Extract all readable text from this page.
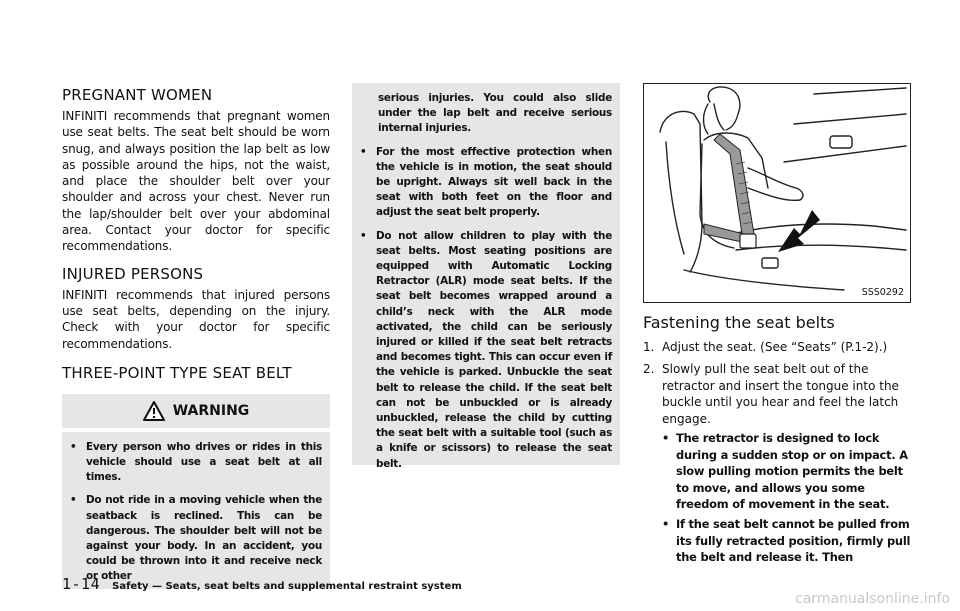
PREGNANT WOMEN

INFINITI recommends that pregnant women use seat belts. The seat belt should be worn snug, and always position the lap belt as low as possible around the hips, not the waist, and place the shoulder belt over your shoulder and across your chest. Never run the lap/shoulder belt over your abdominal area. Contact your doctor for specific recommendations.

INJURED PERSONS

INFINITI recommends that injured persons use seat belts, depending on the injury. Check with your doctor for specific recommendations.

THREE-POINT TYPE SEAT BELT
WARNING
• Every person who drives or rides in this vehicle should use a seat belt at all times.
• Do not ride in a moving vehicle when the seatback is reclined. This can be dangerous. The shoulder belt will not be against your body. In an accident, you could be thrown into it and receive neck or other
serious injuries. You could also slide under the lap belt and receive serious internal injuries.
• For the most effective protection when the vehicle is in motion, the seat should be upright. Always sit well back in the seat with both feet on the floor and adjust the seat belt properly.
• Do not allow children to play with the seat belts. Most seating positions are equipped with Automatic Locking Retractor (ALR) mode seat belts. If the seat belt becomes wrapped around a child’s neck with the ALR mode activated, the child can be seriously injured or killed if the seat belt retracts and becomes tight. This can occur even if the vehicle is parked. Unbuckle the seat belt to release the child. If the seat belt can not be unbuckled or is already unbuckled, release the child by cutting the seat belt with a suitable tool (such as a knife or scissors) to release the seat belt.
SSS0292
Fastening the seat belts
1. Adjust the seat. (See “Seats” (P.1-2).)
2. Slowly pull the seat belt out of the retractor and insert the tongue into the buckle until you hear and feel the latch engage.
• The retractor is designed to lock during a sudden stop or on impact. A slow pulling motion permits the belt to move, and allows you some freedom of movement in the seat.
• If the seat belt cannot be pulled from its fully retracted position, firmly pull the belt and release it. Then
1-14 Safety — Seats, seat belts and supplemental restraint system
carmanualsonline.info
